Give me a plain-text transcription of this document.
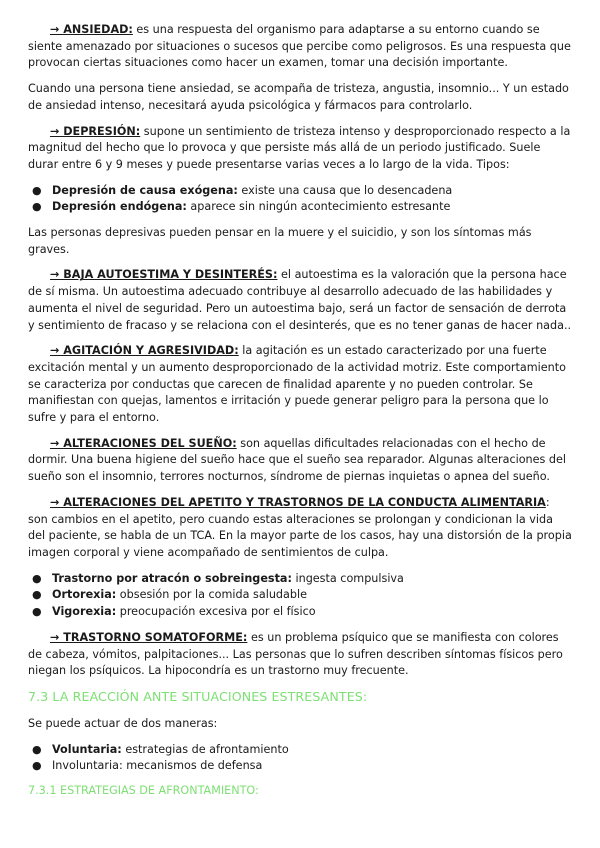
→ ANSIEDAD: es una respuesta del organismo para adaptarse a su entorno cuando se siente amenazado por situaciones o sucesos que percibe como peligrosos. Es una respuesta que provocan ciertas situaciones como hacer un examen, tomar una decisión importante.

Cuando una persona tiene ansiedad, se acompaña de tristeza, angustia, insomnio... Y un estado de ansiedad intenso, necesitará ayuda psicológica y fármacos para controlarlo.

→ DEPRESIÓN: supone un sentimiento de tristeza intenso y desproporcionado respecto a la magnitud del hecho que lo provoca y que persiste más allá de un periodo justificado. Suele durar entre 6 y 9 meses y puede presentarse varias veces a lo largo de la vida. Tipos:

● Depresión de causa exógena: existe una causa que lo desencadena
● Depresión endógena: aparece sin ningún acontecimiento estresante

Las personas depresivas pueden pensar en la muere y el suicidio, y son los síntomas más graves.

→ BAJA AUTOESTIMA Y DESINTERÉS: el autoestima es la valoración que la persona hace de sí misma. Un autoestima adecuado contribuye al desarrollo adecuado de las habilidades y aumenta el nivel de seguridad. Pero un autoestima bajo, será un factor de sensación de derrota y sentimiento de fracaso y se relaciona con el desinterés, que es no tener ganas de hacer nada..

→ AGITACIÓN Y AGRESIVIDAD: la agitación es un estado caracterizado por una fuerte excitación mental y un aumento desproporcionado de la actividad motriz. Este comportamiento se caracteriza por conductas que carecen de finalidad aparente y no pueden controlar. Se manifiestan con quejas, lamentos e irritación y puede generar peligro para la persona que lo sufre y para el entorno.

→ ALTERACIONES DEL SUEÑO: son aquellas dificultades relacionadas con el hecho de dormir. Una buena higiene del sueño hace que el sueño sea reparador. Algunas alteraciones del sueño son el insomnio, terrores nocturnos, síndrome de piernas inquietas o apnea del sueño.

→ ALTERACIONES DEL APETITO Y TRASTORNOS DE LA CONDUCTA ALIMENTARIA: son cambios en el apetito, pero cuando estas alteraciones se prolongan y condicionan la vida del paciente, se habla de un TCA. En la mayor parte de los casos, hay una distorsión de la propia imagen corporal y viene acompañado de sentimientos de culpa.

● Trastorno por atracón o sobreingesta: ingesta compulsiva
● Ortorexia: obsesión por la comida saludable
● Vigorexia: preocupación excesiva por el físico

→ TRASTORNO SOMATOFORME: es un problema psíquico que se manifiesta con colores de cabeza, vómitos, palpitaciones... Las personas que lo sufren describen síntomas físicos pero niegan los psíquicos. La hipocondría es un trastorno muy frecuente.

7.3 LA REACCIÓN ANTE SITUACIONES ESTRESANTES:

Se puede actuar de dos maneras:

● Voluntaria: estrategias de afrontamiento
● Involuntaria: mecanismos de defensa
7.3.1 ESTRATEGIAS DE AFRONTAMIENTO:
